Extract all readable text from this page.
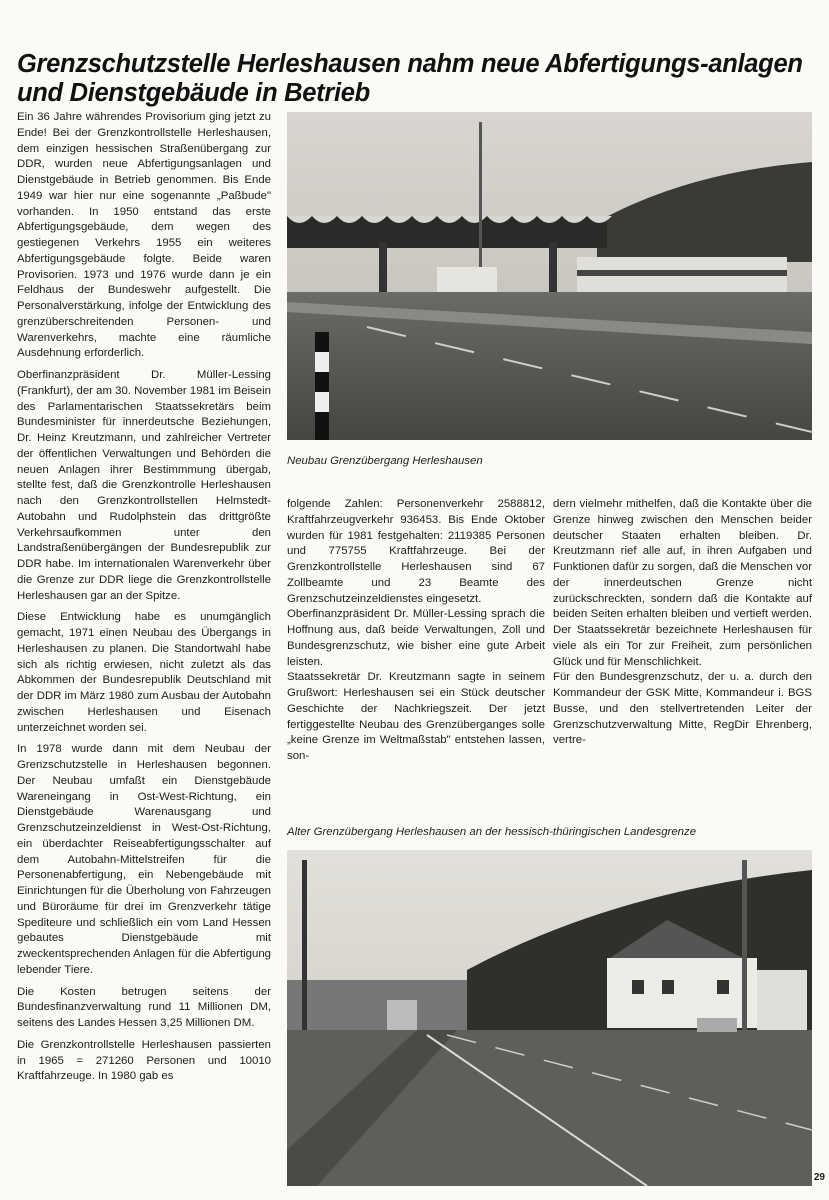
Grenzschutzstelle Herleshausen nahm neue Abfertigungs-anlagen und Dienstgebäude in Betrieb

Ein 36 Jahre währendes Provisorium ging jetzt zu Ende! Bei der Grenzkontrollstelle Herleshausen, dem einzigen hessischen Straßenübergang zur DDR, wurden neue Abfertigungsanlagen und Dienstgebäude in Betrieb genommen. Bis Ende 1949 war hier nur eine sogenannte „Paßbude" vorhanden. In 1950 entstand das erste Abfertigungsgebäude, dem wegen des gestiegenen Verkehrs 1955 ein weiteres Abfertigungsgebäude folgte. Beide waren Provisorien. 1973 und 1976 wurde dann je ein Feldhaus der Bundeswehr aufgestellt. Die Personalverstärkung, infolge der Entwicklung des grenzüberschreitenden Personen- und Warenverkehrs, machte eine räumliche Ausdehnung erforderlich.

Oberfinanzpräsident Dr. Müller-Lessing (Frankfurt), der am 30. November 1981 im Beisein des Parlamentarischen Staatssekretärs beim Bundesminister für innerdeutsche Beziehungen, Dr. Heinz Kreutzmann, und zahlreicher Vertreter der öffentlichen Verwaltungen und Behörden die neuen Anlagen ihrer Bestimmmung übergab, stellte fest, daß die Grenzkontrolle Herleshausen nach den Grenzkontrollstellen Helmstedt-Autobahn und Rudolphstein das drittgrößte Verkehrsaufkommen unter den Landstraßenübergängen der Bundesrepublik zur DDR habe. Im internationalen Warenverkehr über die Grenze zur DDR liege die Grenzkontrollstelle Herleshausen gar an der Spitze.

Diese Entwicklung habe es unumgänglich gemacht, 1971 einen Neubau des Übergangs in Herleshausen zu planen. Die Standortwahl habe sich als richtig erwiesen, nicht zuletzt als das Abkommen der Bundesrepublik Deutschland mit der DDR im März 1980 zum Ausbau der Autobahn zwischen Herleshausen und Eisenach unterzeichnet worden sei.

In 1978 wurde dann mit dem Neubau der Grenzschutzstelle in Herleshausen begonnen. Der Neubau umfaßt ein Dienstgebäude Wareneingang in Ost-West-Richtung, ein Dienstgebäude Warenausgang und Grenzschutzeinzeldienst in West-Ost-Richtung, ein überdachter Reiseabfertigungsschalter auf dem Autobahn-Mittelstreifen für die Personenabfertigung, ein Nebengebäude mit Einrichtungen für die Überholung von Fahrzeugen und Büroräume für drei im Grenzverkehr tätige Spediteure und schließlich ein vom Land Hessen gebautes Dienstgebäude mit zweckentsprechenden Anlagen für die Abfertigung lebender Tiere.

Die Kosten betrugen seitens der Bundesfinanzverwaltung rund 11 Millionen DM, seitens des Landes Hessen 3,25 Millionen DM.

Die Grenzkontrollstelle Herleshausen passierten in 1965 = 271260 Personen und 10010 Kraftfahrzeuge. In 1980 gab es

Neubau Grenzübergang Herleshausen

folgende Zahlen: Personenverkehr 2588812, Kraftfahrzeugverkehr 936453. Bis Ende Oktober wurden für 1981 festgehalten: 2119385 Personen und 775755 Kraftfahrzeuge. Bei der Grenzkontrollstelle Herleshausen sind 67 Zollbeamte und 23 Beamte des Grenzschutzeinzeldienstes eingesetzt.

Oberfinanzpräsident Dr. Müller-Lessing sprach die Hoffnung aus, daß beide Verwaltungen, Zoll und Bundesgrenzschutz, wie bisher eine gute Arbeit leisten.

Staatssekretär Dr. Kreutzmann sagte in seinem Grußwort: Herleshausen sei ein Stück deutscher Geschichte der Nachkriegszeit. Der jetzt fertiggestellte Neubau des Grenzüberganges solle „keine Grenze im Weltmaßstab" entstehen lassen, son-

dern vielmehr mithelfen, daß die Kontakte über die Grenze hinweg zwischen den Menschen beider deutscher Staaten erhalten bleiben. Dr. Kreutzmann rief alle auf, in ihren Aufgaben und Funktionen dafür zu sorgen, daß die Menschen vor der innerdeutschen Grenze nicht zurückschreckten, sondern daß die Kontakte auf beiden Seiten erhalten bleiben und vertieft werden. Der Staatssekretär bezeichnete Herleshausen für viele als ein Tor zur Freiheit, zum persönlichen Glück und für Menschlichkeit.

Für den Bundesgrenzschutz, der u. a. durch den Kommandeur der GSK Mitte, Kommandeur i. BGS Busse, und den stellvertretenden Leiter der Grenzschutzverwaltung Mitte, RegDir Ehrenberg, vertre-

Alter Grenzübergang Herleshausen an der hessisch-thüringischen Landesgrenze
29
